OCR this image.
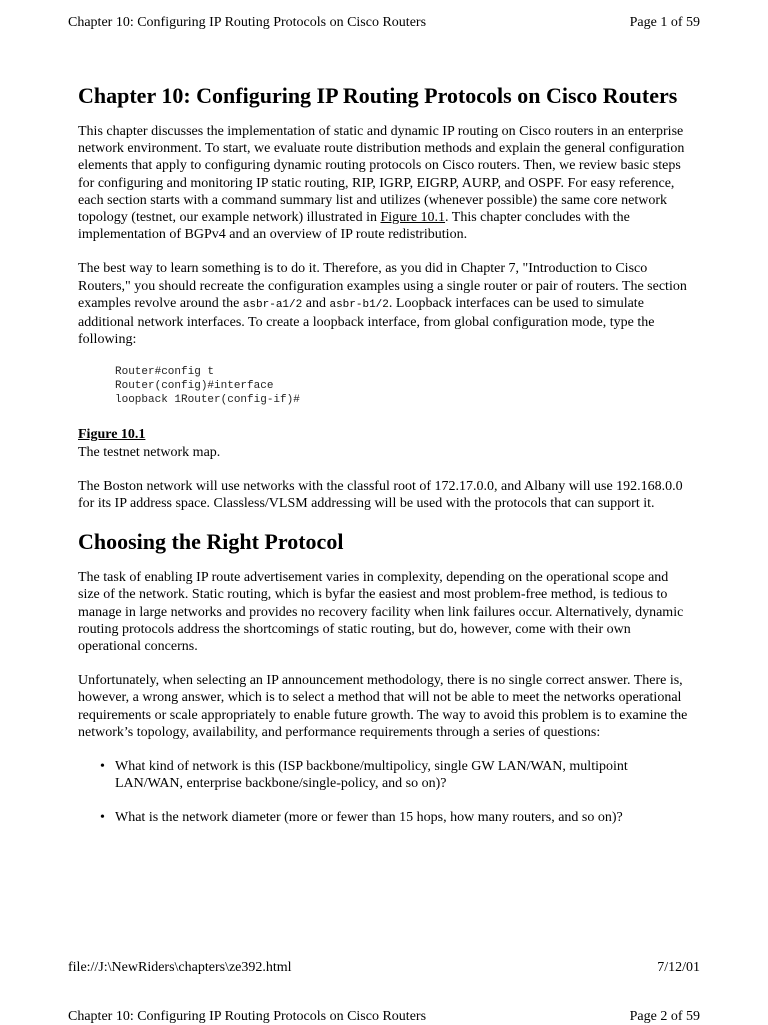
Chapter 10: Configuring IP Routing Protocols on Cisco Routers	Page 1 of 59
Chapter 10: Configuring IP Routing Protocols on Cisco Routers

This chapter discusses the implementation of static and dynamic IP routing on Cisco routers in an enterprise network environment. To start, we evaluate route distribution methods and explain the general configuration elements that apply to configuring dynamic routing protocols on Cisco routers. Then, we review basic steps for configuring and monitoring IP static routing, RIP, IGRP, EIGRP, AURP, and OSPF. For easy reference, each section starts with a command summary list and utilizes (whenever possible) the same core network topology (testnet, our example network) illustrated in Figure 10.1. This chapter concludes with the implementation of BGPv4 and an overview of IP route redistribution.

The best way to learn something is to do it. Therefore, as you did in Chapter 7, "Introduction to Cisco Routers," you should recreate the configuration examples using a single router or pair of routers. The section examples revolve around the asbr-a1/2 and asbr-b1/2. Loopback interfaces can be used to simulate additional network interfaces. To create a loopback interface, from global configuration mode, type the following:

Router#config t
Router(config)#interface
loopback 1Router(config-if)#

Figure 10.1
The testnet network map.

The Boston network will use networks with the classful root of 172.17.0.0, and Albany will use 192.168.0.0 for its IP address space. Classless/VLSM addressing will be used with the protocols that can support it.

Choosing the Right Protocol

The task of enabling IP route advertisement varies in complexity, depending on the operational scope and size of the network. Static routing, which is byfar the easiest and most problem-free method, is tedious to manage in large networks and provides no recovery facility when link failures occur. Alternatively, dynamic routing protocols address the shortcomings of static routing, but do, however, come with their own operational concerns.

Unfortunately, when selecting an IP announcement methodology, there is no single correct answer. There is, however, a wrong answer, which is to select a method that will not be able to meet the networks operational requirements or scale appropriately to enable future growth. The way to avoid this problem is to examine the network’s topology, availability, and performance requirements through a series of questions:

• What kind of network is this (ISP backbone/multipolicy, single GW LAN/WAN, multipoint LAN/WAN, enterprise backbone/single-policy, and so on)?
• What is the network diameter (more or fewer than 15 hops, how many routers, and so on)?
file://J:\NewRiders\chapters\ze392.html	7/12/01
Chapter 10: Configuring IP Routing Protocols on Cisco Routers	Page 2 of 59
